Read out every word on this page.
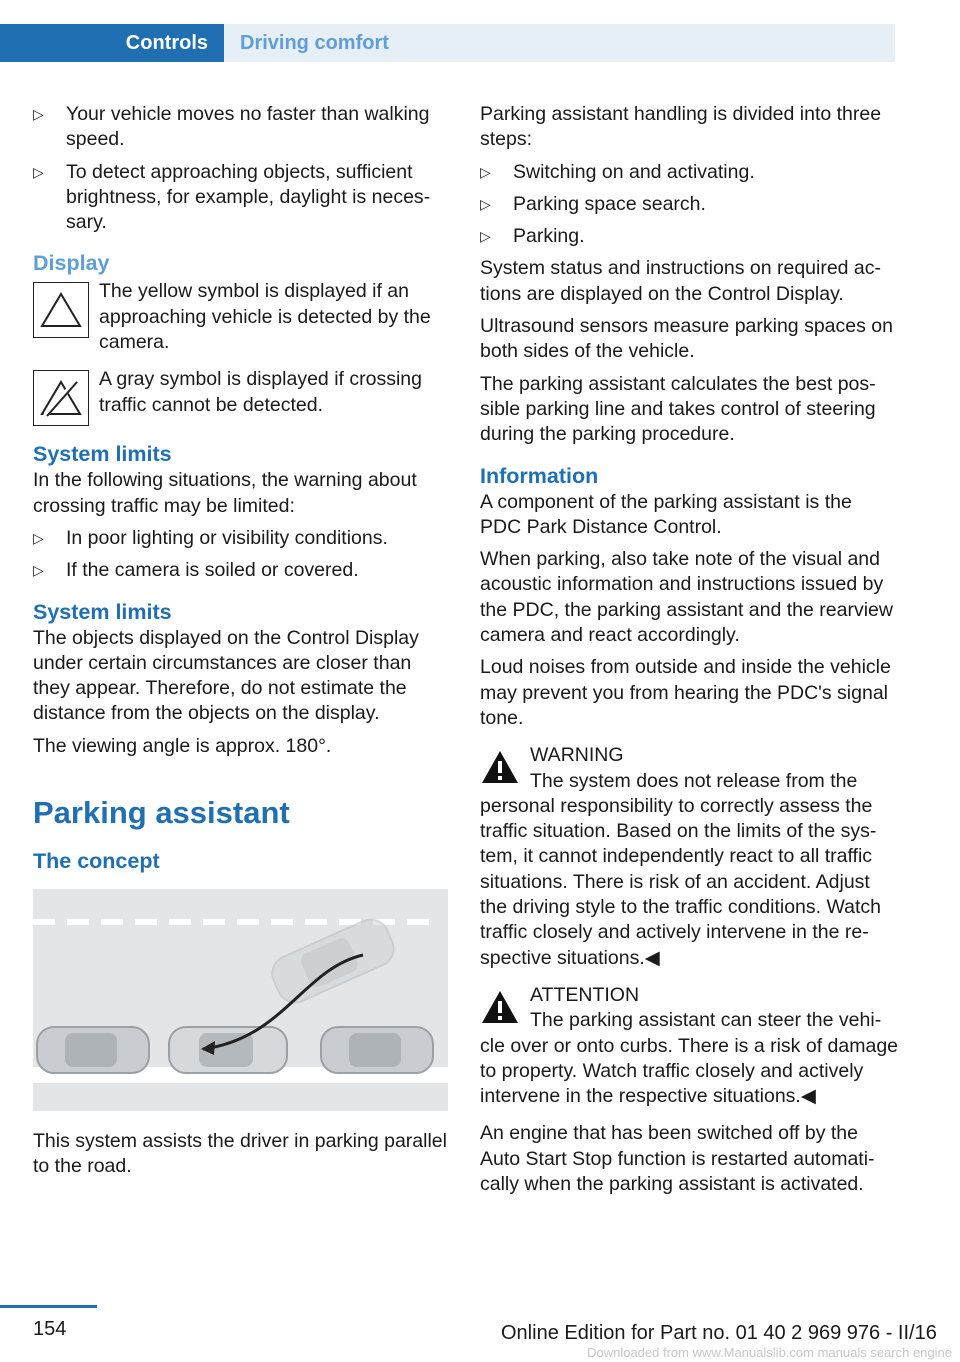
Controls	Driving comfort
▷ Your vehicle moves no faster than walking speed.
▷ To detect approaching objects, sufficient brightness, for example, daylight is necessary.
Display
The yellow symbol is displayed if an approaching vehicle is detected by the camera.
A gray symbol is displayed if crossing traffic cannot be detected.
System limits

In the following situations, the warning about crossing traffic may be limited:

▷ In poor lighting or visibility conditions.
▷ If the camera is soiled or covered.
System limits

The objects displayed on the Control Display under certain circumstances are closer than they appear. Therefore, do not estimate the distance from the objects on the display.

The viewing angle is approx. 180°.

Parking assistant
The concept

This system assists the driver in parking parallel to the road.

Parking assistant handling is divided into three steps:

▷ Switching on and activating.
▷ Parking space search.
▷ Parking.

System status and instructions on required actions are displayed on the Control Display.

Ultrasound sensors measure parking spaces on both sides of the vehicle.

The parking assistant calculates the best possible parking line and takes control of steering during the parking procedure.

Information

A component of the parking assistant is the PDC Park Distance Control.

When parking, also take note of the visual and acoustic information and instructions issued by the PDC, the parking assistant and the rearview camera and react accordingly.

Loud noises from outside and inside the vehicle may prevent you from hearing the PDC's signal tone.

WARNING

The system does not release from the personal responsibility to correctly assess the traffic situation. Based on the limits of the system, it cannot independently react to all traffic situations. There is risk of an accident. Adjust the driving style to the traffic conditions. Watch traffic closely and actively intervene in the respective situations.◀

ATTENTION

The parking assistant can steer the vehicle over or onto curbs. There is a risk of damage to property. Watch traffic closely and actively intervene in the respective situations.◀

An engine that has been switched off by the Auto Start Stop function is restarted automatically when the parking assistant is activated.

154	Online Edition for Part no. 01 40 2 969 976 - II/16
Downloaded from www.Manualslib.com manuals search engine
